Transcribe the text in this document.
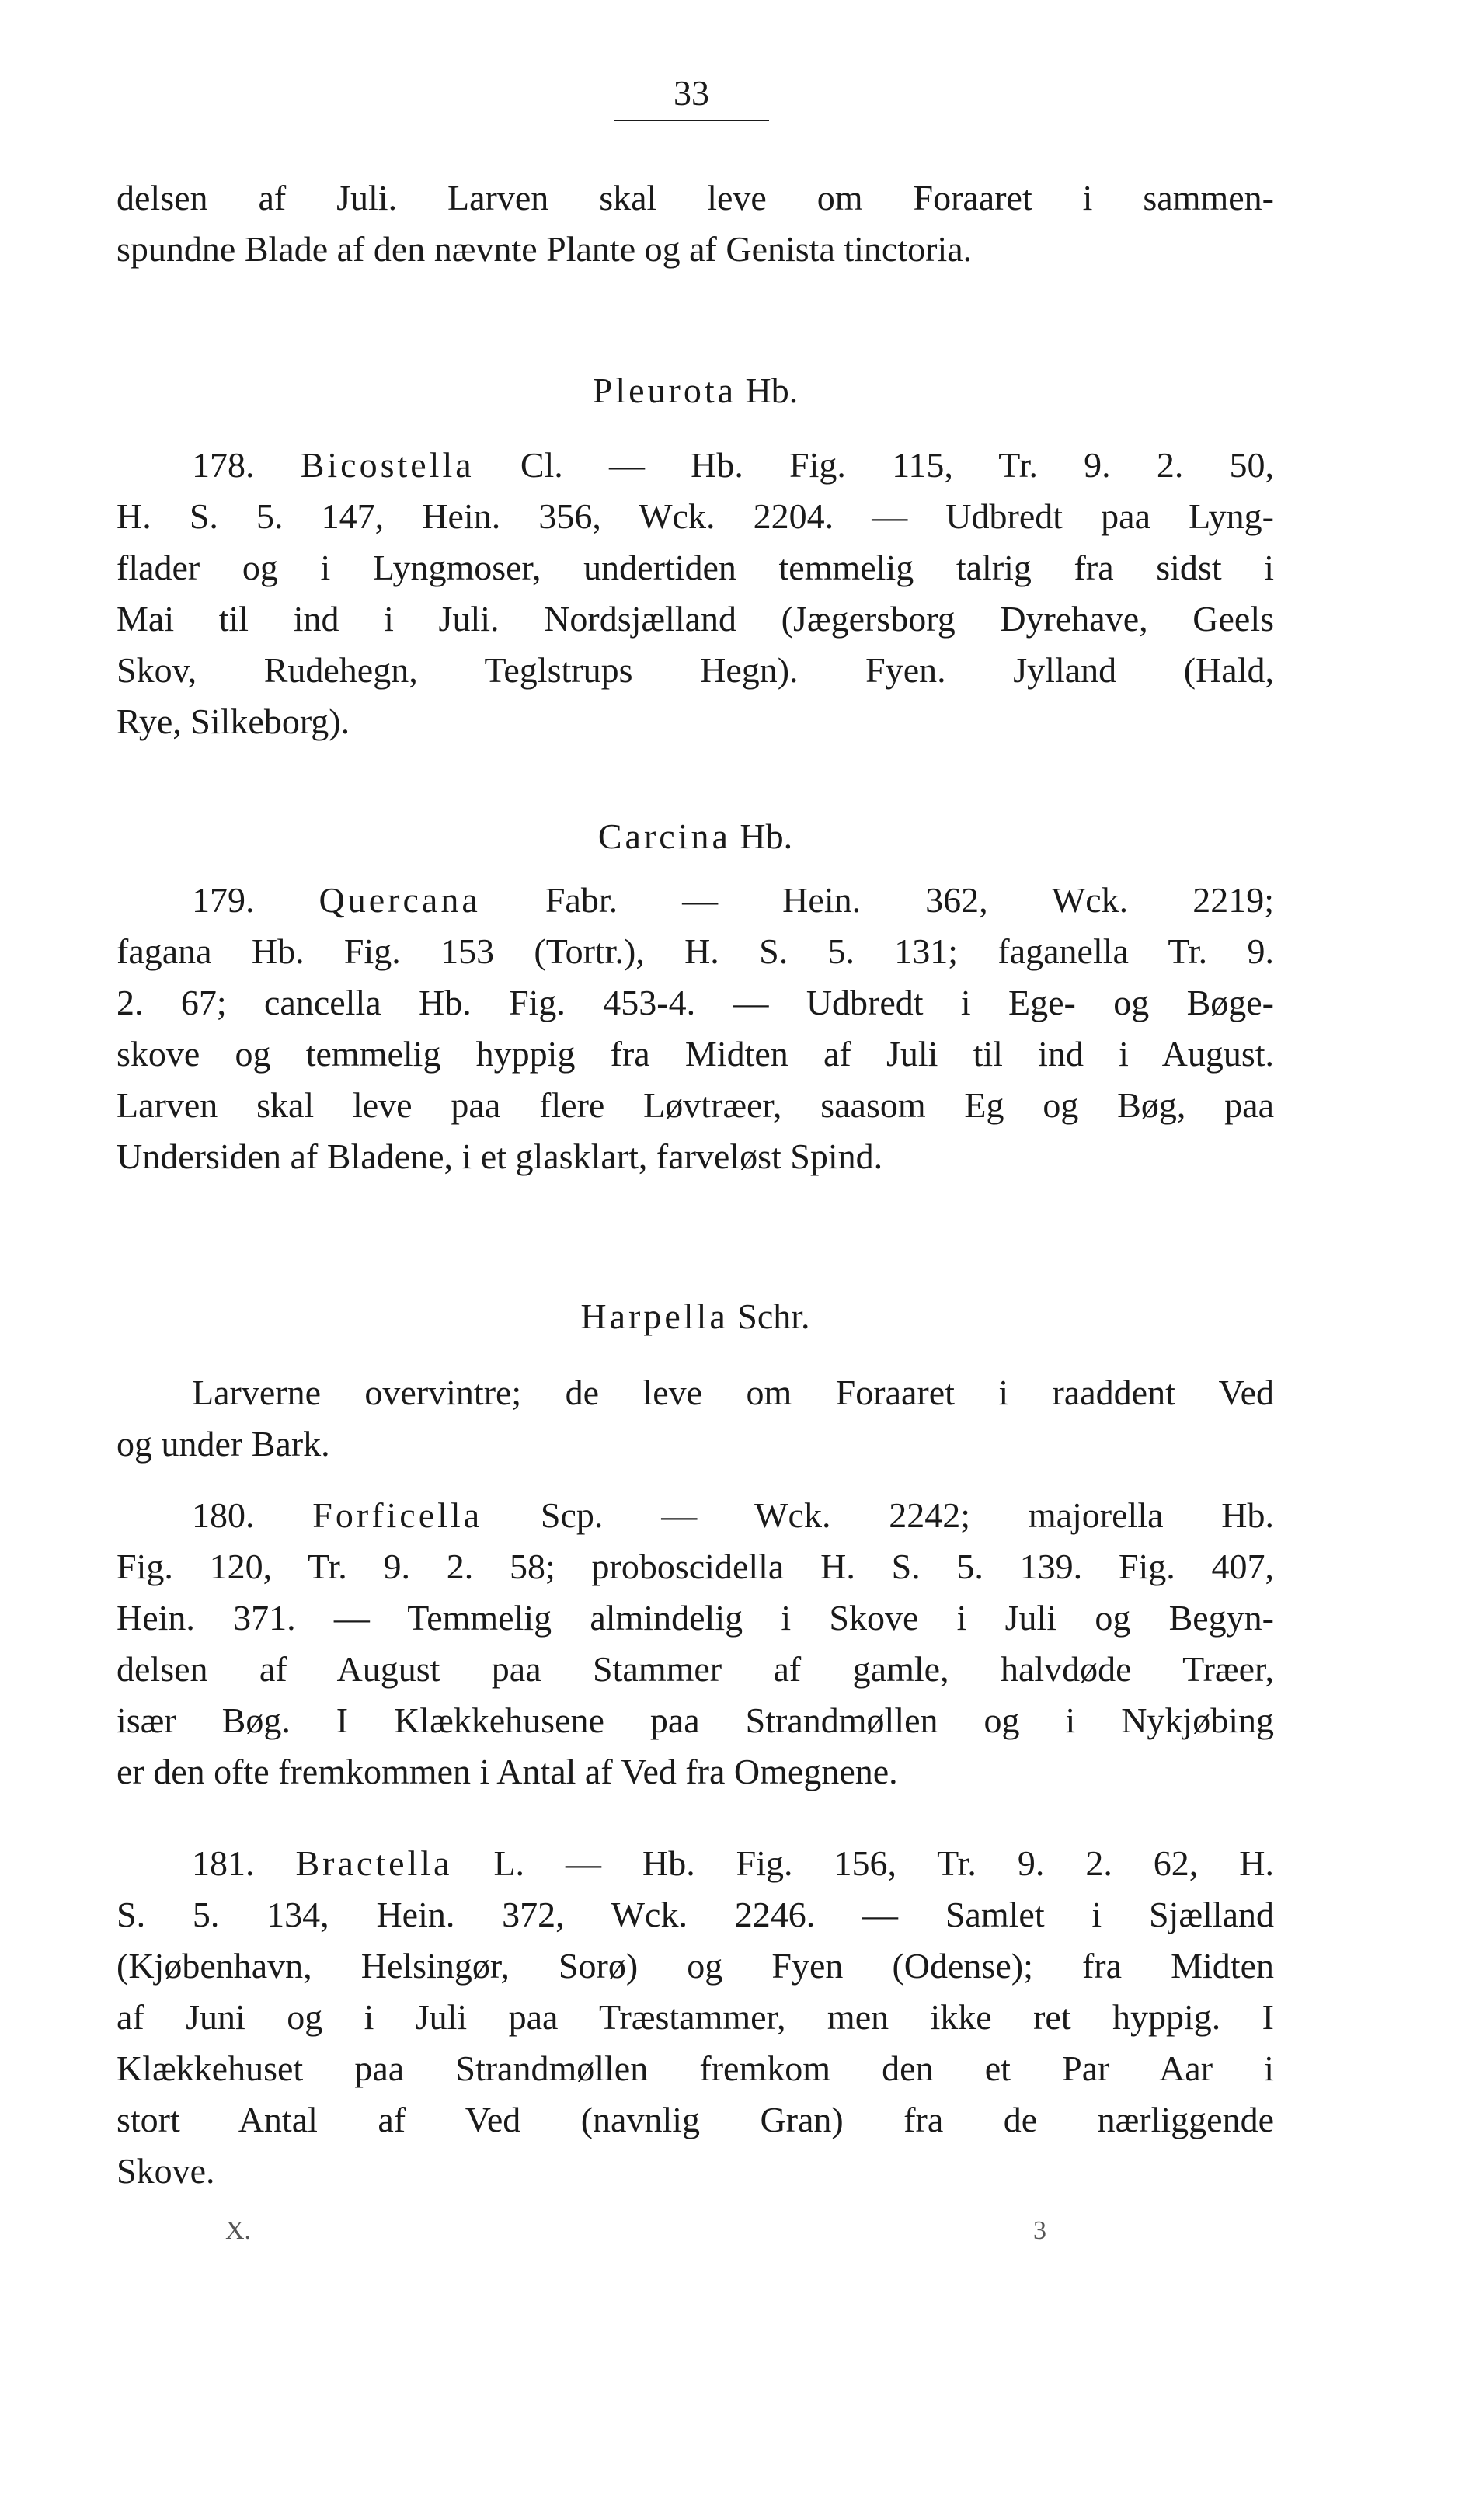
33
delsen af Juli. Larven skal leve om Foraaret i sammen-
spundne Blade af den nævnte Plante og af Genista tinctoria.
Pleurota Hb.
178. Bicostella Cl. — Hb. Fig. 115, Tr. 9. 2. 50,
H. S. 5. 147, Hein. 356, Wck. 2204. — Udbredt paa Lyng-
flader og i Lyngmoser, undertiden temmelig talrig fra sidst i
Mai til ind i Juli. Nordsjælland (Jægersborg Dyrehave, Geels
Skov, Rudehegn, Teglstrups Hegn). Fyen. Jylland (Hald,
Rye, Silkeborg).
Carcina Hb.
179. Quercana Fabr. — Hein. 362, Wck. 2219;
fagana Hb. Fig. 153 (Tortr.), H. S. 5. 131; faganella Tr. 9.
2. 67; cancella Hb. Fig. 453-4. — Udbredt i Ege- og Bøge-
skove og temmelig hyppig fra Midten af Juli til ind i August.
Larven skal leve paa flere Løvtræer, saasom Eg og Bøg, paa
Undersiden af Bladene, i et glasklart, farveløst Spind.
Harpella Schr.
Larverne overvintre; de leve om Foraaret i raaddent Ved
og under Bark.
180. Forficella Scp. — Wck. 2242; majorella Hb.
Fig. 120, Tr. 9. 2. 58; proboscidella H. S. 5. 139. Fig. 407,
Hein. 371. — Temmelig almindelig i Skove i Juli og Begyn-
delsen af August paa Stammer af gamle, halvdøde Træer,
især Bøg. I Klækkehusene paa Strandmøllen og i Nykjøbing
er den ofte fremkommen i Antal af Ved fra Omegnene.
181. Bractella L. — Hb. Fig. 156, Tr. 9. 2. 62, H.
S. 5. 134, Hein. 372, Wck. 2246. — Samlet i Sjælland
(Kjøbenhavn, Helsingør, Sorø) og Fyen (Odense); fra Midten
af Juni og i Juli paa Træstammer, men ikke ret hyppig. I
Klækkehuset paa Strandmøllen fremkom den et Par Aar i
stort Antal af Ved (navnlig Gran) fra de nærliggende
Skove.
X.	3
